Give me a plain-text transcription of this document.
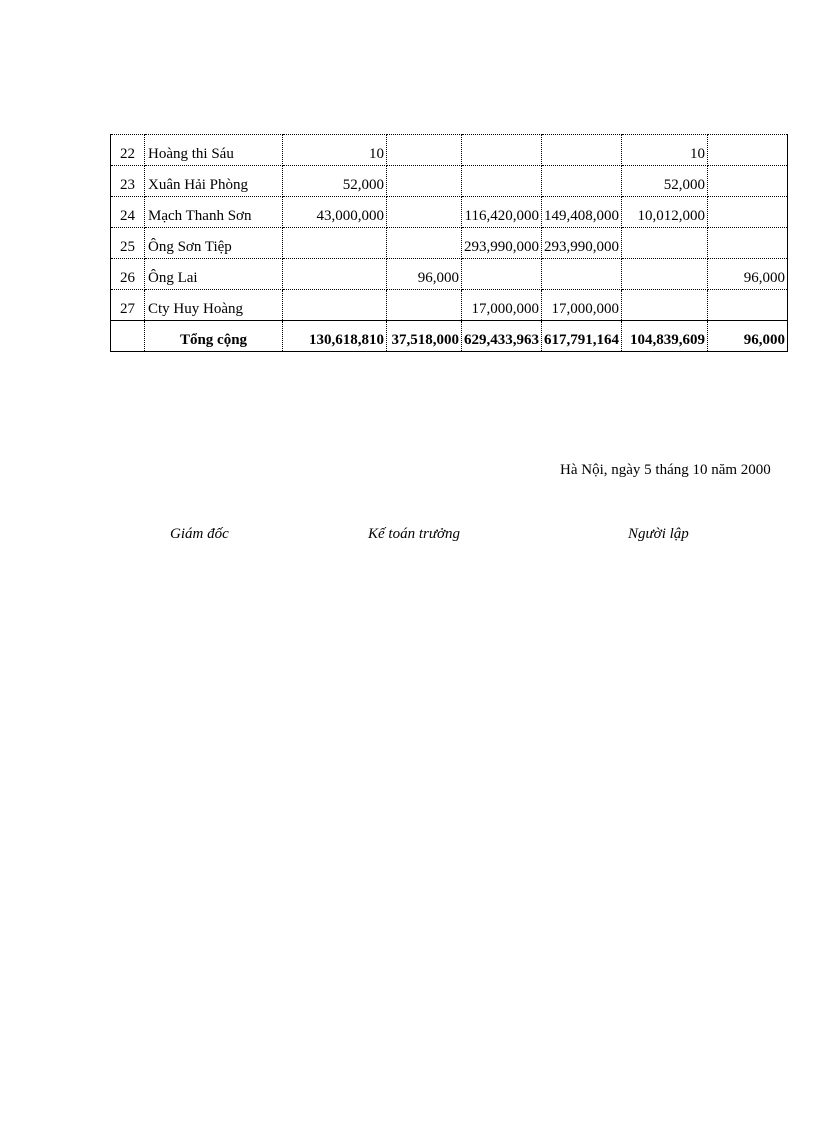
22	Hoàng thi Sáu	10				10	
23	Xuân Hải Phòng	52,000				52,000	
24	Mạch Thanh Sơn	43,000,000		116,420,000	149,408,000	10,012,000	
25	Ông Sơn Tiệp			293,990,000	293,990,000		
26	Ông Lai		96,000				96,000
27	Cty Huy Hoàng			17,000,000	17,000,000		
	Tổng cộng	130,618,810	37,518,000	629,433,963	617,791,164	104,839,609	96,000
Hà Nội, ngày 5 tháng 10 năm 2000
Giám đốc	Kế toán trưởng	Người lập
